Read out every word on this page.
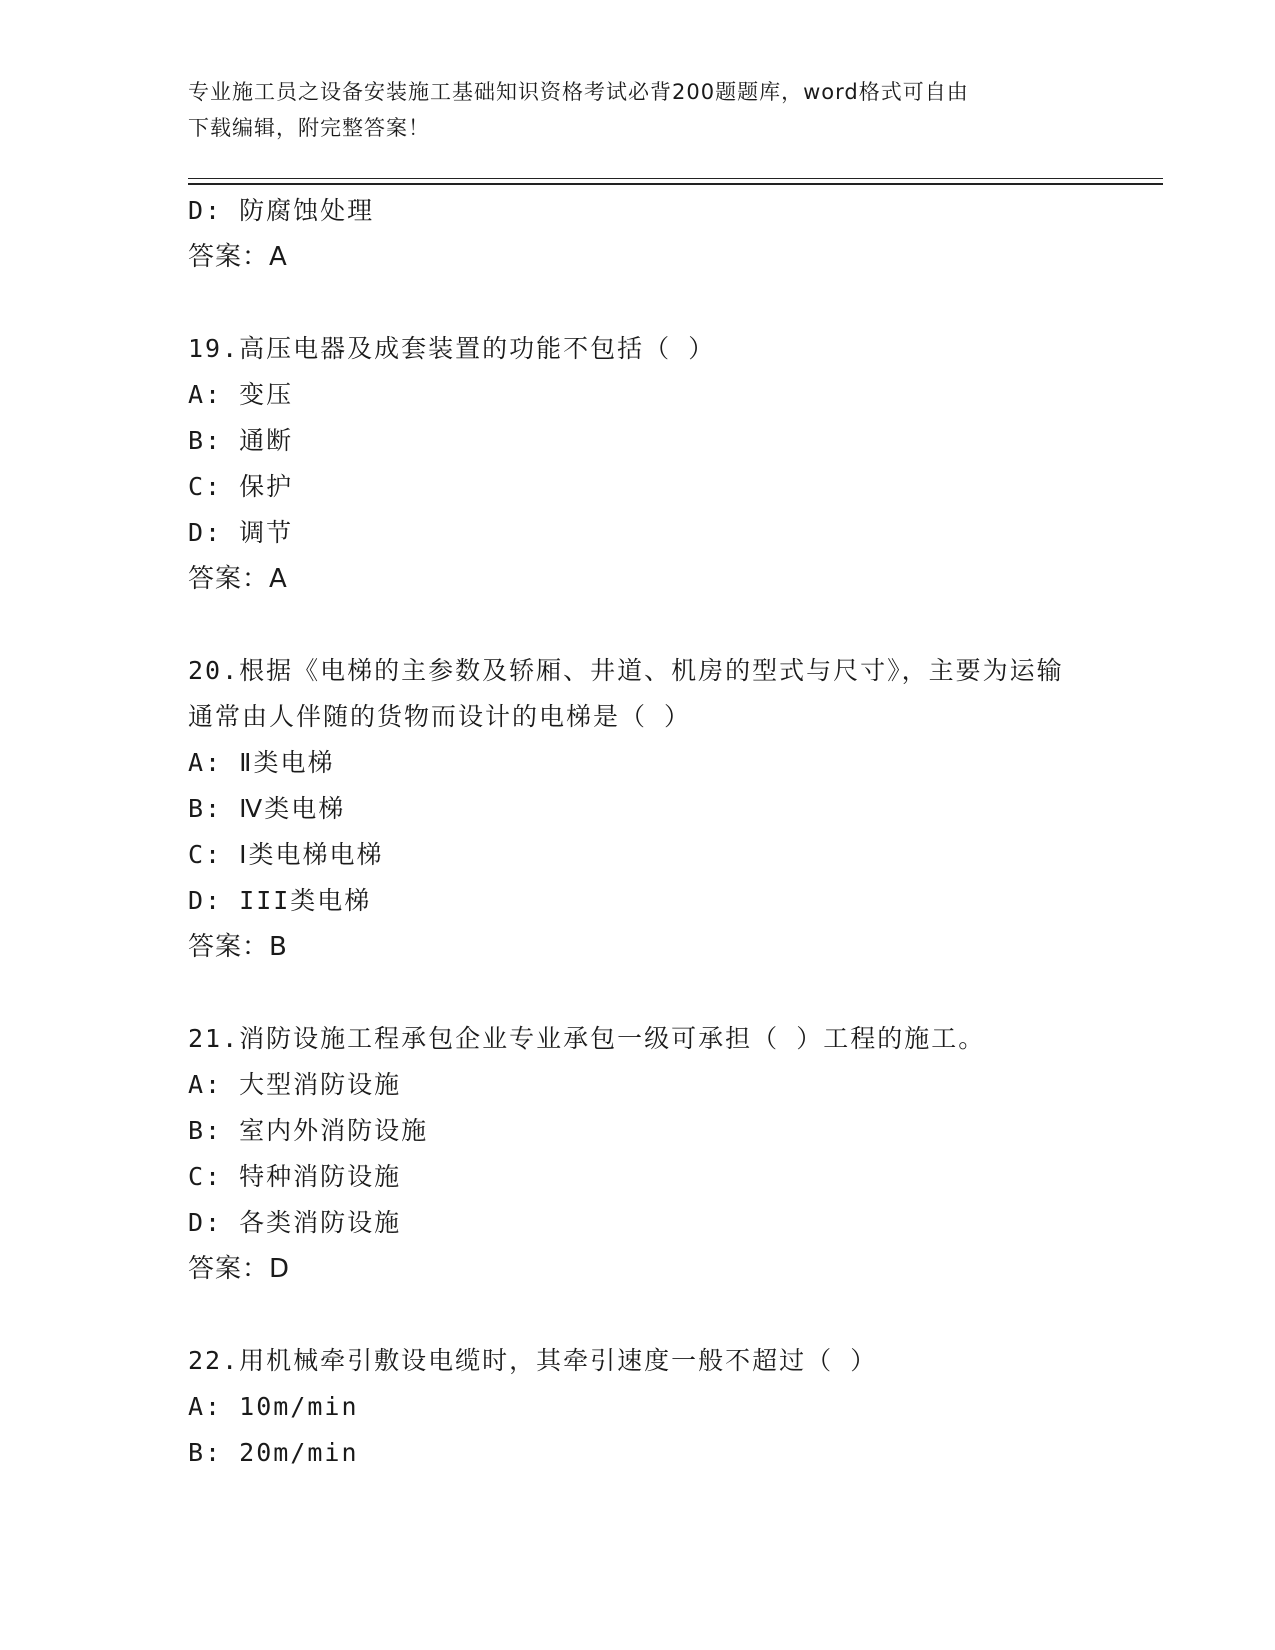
专业施工员之设备安装施工基础知识资格考试必背200题题库，word格式可自由
下载编辑，附完整答案！
D: 防腐蚀处理
答案：A
19.高压电器及成套装置的功能不包括（ ）
A: 变压
B: 通断
C: 保护
D: 调节
答案：A
20.根据《电梯的主参数及轿厢、井道、机房的型式与尺寸》，主要为运输通常由人伴随的货物而设计的电梯是（ ）
A: Ⅱ类电梯
B: Ⅳ类电梯
C: Ⅰ类电梯电梯
D: III类电梯
答案：B
21.消防设施工程承包企业专业承包一级可承担（ ）工程的施工。
A: 大型消防设施
B: 室内外消防设施
C: 特种消防设施
D: 各类消防设施
答案：D
22.用机械牵引敷设电缆时，其牵引速度一般不超过（ ）
A: 10m/min
B: 20m/min
